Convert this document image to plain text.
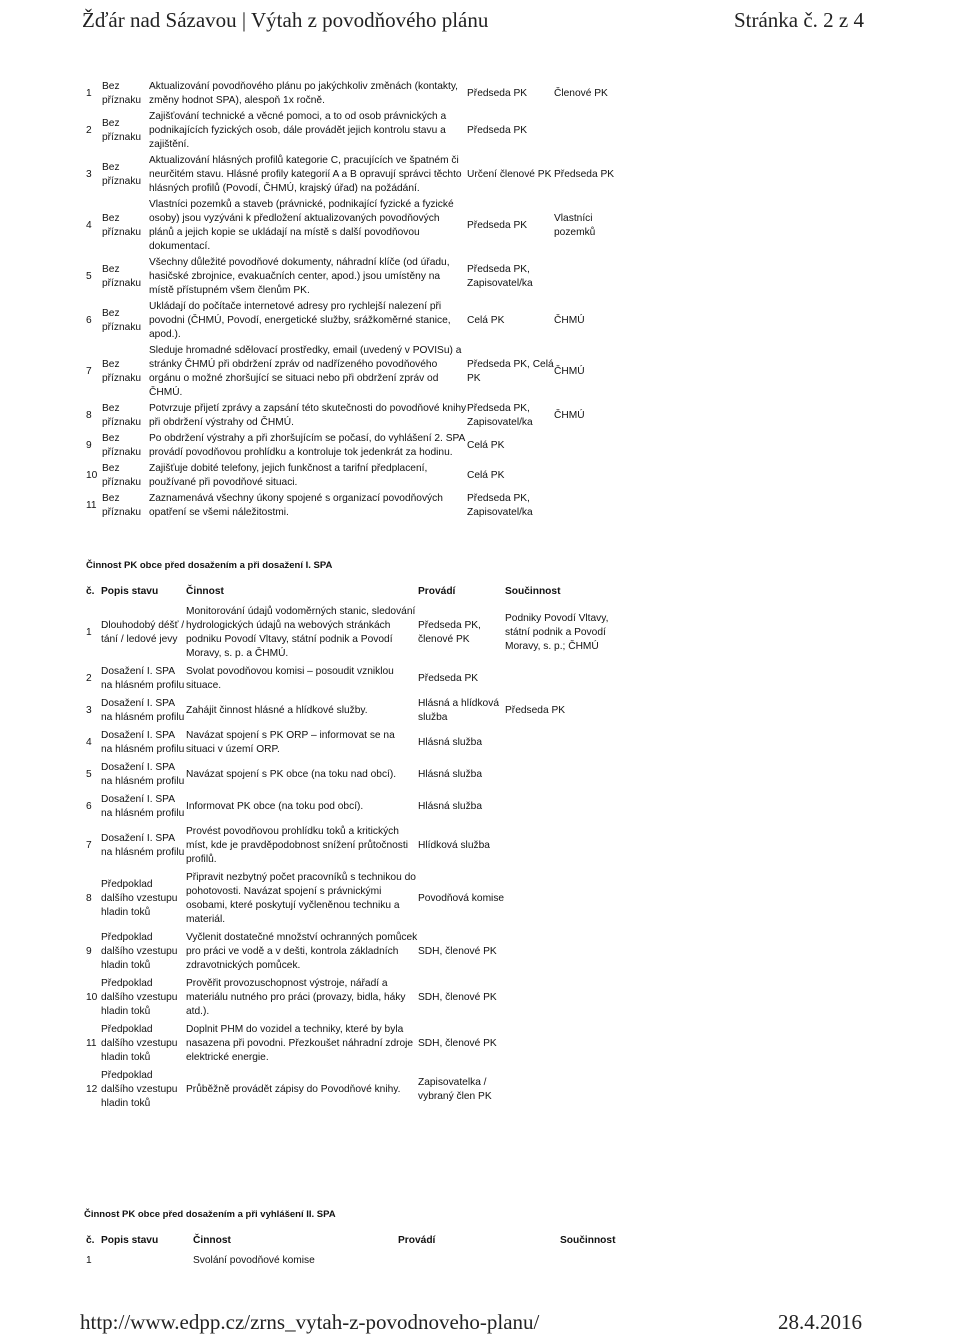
Žďár nad Sázavou | Výtah z povodňového plánu	Stránka č. 2 z 4
1	Bez příznaku	Aktualizování povodňového plánu po jakýchkoliv změnách (kontakty, změny hodnot SPA), alespoň 1x ročně.	Předseda PK	Členové PK
2	Bez příznaku	Zajišťování technické a věcné pomoci, a to od osob právnických a podnikajících fyzických osob, dále provádět jejich kontrolu stavu a zajištění.	Předseda PK	
3	Bez příznaku	Aktualizování hlásných profilů kategorie C, pracujících ve špatném či neurčitém stavu. Hlásné profily kategorií A a B opravují správci těchto hlásných profilů (Povodí, ČHMÚ, krajský úřad) na požádání.	Určení členové PK	Předseda PK
4	Bez příznaku	Vlastníci pozemků a staveb (právnické, podnikající fyzické a fyzické osoby) jsou vyzýváni k předložení aktualizovaných povodňových plánů a jejich kopie se ukládají na místě s další povodňovou dokumentací.	Předseda PK	Vlastníci pozemků
5	Bez příznaku	Všechny důležité povodňové dokumenty, náhradní klíče (od úřadu, hasičské zbrojnice, evakuačních center, apod.) jsou umístěny na místě přístupném všem členům PK.	Předseda PK, Zapisovatel/ka	
6	Bez příznaku	Ukládají do počítače internetové adresy pro rychlejší nalezení při povodni (ČHMÚ, Povodí, energetické služby, srážkoměrné stanice, apod.).	Celá PK	ČHMÚ
7	Bez příznaku	Sleduje hromadné sdělovací prostředky, email (uvedený v POVISu) a stránky ČHMÚ při obdržení zpráv od nadřízeného povodňového orgánu o možné zhoršující se situaci nebo při obdržení zpráv od ČHMÚ.	Předseda PK, Celá PK	ČHMÚ
8	Bez příznaku	Potvrzuje přijetí zprávy a zapsání této skutečnosti do povodňové knihy při obdržení výstrahy od ČHMÚ.	Předseda PK, Zapisovatel/ka	ČHMÚ
9	Bez příznaku	Po obdržení výstrahy a při zhoršujícím se počasí, do vyhlášení 2. SPA provádí povodňovou prohlídku a kontroluje tok jedenkrát za hodinu.	Celá PK	
10	Bez příznaku	Zajišťuje dobité telefony, jejich funkčnost a tarifní předplacení, používané při povodňové situaci.	Celá PK	
11	Bez příznaku	Zaznamenává všechny úkony spojené s organizací povodňových opatření se všemi náležitostmi.	Předseda PK, Zapisovatel/ka	
Činnost PK obce před dosažením a při dosažení I. SPA
č.	Popis stavu	Činnost	Provádí	Součinnost
1	Dlouhodobý déšť / tání / ledové jevy	Monitorování údajů vodoměrných stanic, sledování hydrologických údajů na webových stránkách podniku Povodí Vltavy, státní podnik a Povodí Moravy, s. p. a ČHMÚ.	Předseda PK, členové PK	Podniky Povodí Vltavy, státní podnik a Povodí Moravy, s. p.; ČHMÚ
2	Dosažení I. SPA na hlásném profilu	Svolat povodňovou komisi – posoudit vzniklou situace.	Předseda PK	
3	Dosažení I. SPA na hlásném profilu	Zahájit činnost hlásné a hlídkové služby.	Hlásná a hlídková služba	Předseda PK
4	Dosažení I. SPA na hlásném profilu	Navázat spojení s PK ORP – informovat se na situaci v území ORP.	Hlásná služba	
5	Dosažení I. SPA na hlásném profilu	Navázat spojení s PK obce (na toku nad obcí).	Hlásná služba	
6	Dosažení I. SPA na hlásném profilu	Informovat PK obce (na toku pod obcí).	Hlásná služba	
7	Dosažení I. SPA na hlásném profilu	Provést povodňovou prohlídku toků a kritických míst, kde je pravděpodobnost snížení průtočnosti profilů.	Hlídková služba	
8	Předpoklad dalšího vzestupu hladin toků	Připravit nezbytný počet pracovníků s technikou do pohotovosti. Navázat spojení s právnickými osobami, které poskytují vyčleněnou techniku a materiál.	Povodňová komise	
9	Předpoklad dalšího vzestupu hladin toků	Vyčlenit dostatečné množství ochranných pomůcek pro práci ve vodě a v dešti, kontrola základních zdravotnických pomůcek.	SDH, členové PK	
10	Předpoklad dalšího vzestupu hladin toků	Prověřit provozuschopnost výstroje, nářadí a materiálu nutného pro práci (provazy, bidla, háky atd.).	SDH, členové PK	
11	Předpoklad dalšího vzestupu hladin toků	Doplnit PHM do vozidel a techniky, které by byla nasazena při povodni. Přezkoušet náhradní zdroje elektrické energie.	SDH, členové PK	
12	Předpoklad dalšího vzestupu hladin toků	Průběžně provádět zápisy do Povodňové knihy.	Zapisovatelka / vybraný člen PK	
Činnost PK obce před dosažením a při vyhlášení II. SPA
č.	Popis stavu	Činnost	Provádí	Součinnost
1		Svolání povodňové komise		
http://www.edpp.cz/zrns_vytah-z-povodnoveho-planu/	28.4.2016
